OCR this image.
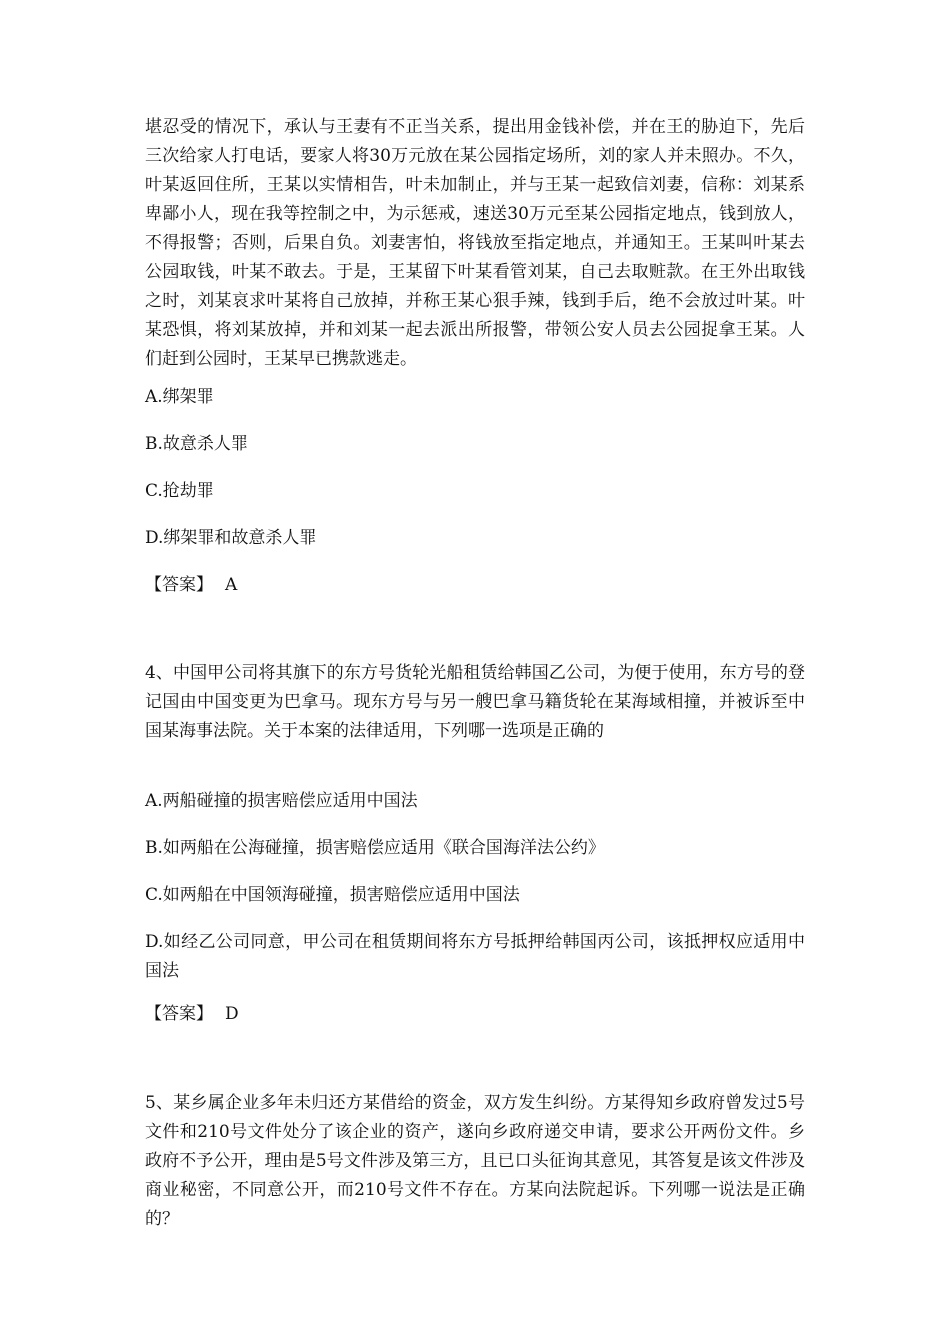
堪忍受的情况下，承认与王妻有不正当关系，提出用金钱补偿，并在王的胁迫下，先后三次给家人打电话，要家人将30万元放在某公园指定场所，刘的家人并未照办。不久，叶某返回住所，王某以实情相告，叶未加制止，并与王某一起致信刘妻，信称：刘某系卑鄙小人，现在我等控制之中，为示惩戒，速送30万元至某公园指定地点，钱到放人，不得报警；否则，后果自负。刘妻害怕，将钱放至指定地点，并通知王。王某叫叶某去公园取钱，叶某不敢去。于是，王某留下叶某看管刘某，自己去取赃款。在王外出取钱之时，刘某哀求叶某将自己放掉，并称王某心狠手辣，钱到手后，绝不会放过叶某。叶某恐惧，将刘某放掉，并和刘某一起去派出所报警，带领公安人员去公园捉拿王某。人们赶到公园时，王某早已携款逃走。

A.绑架罪

B.故意杀人罪

C.抢劫罪

D.绑架罪和故意杀人罪

【答案】 A

4、中国甲公司将其旗下的东方号货轮光船租赁给韩国乙公司，为便于使用，东方号的登记国由中国变更为巴拿马。现东方号与另一艘巴拿马籍货轮在某海域相撞，并被诉至中国某海事法院。关于本案的法律适用，下列哪一选项是正确的

A.两船碰撞的损害赔偿应适用中国法

B.如两船在公海碰撞，损害赔偿应适用《联合国海洋法公约》

C.如两船在中国领海碰撞，损害赔偿应适用中国法

D.如经乙公司同意，甲公司在租赁期间将东方号抵押给韩国丙公司，该抵押权应适用中国法

【答案】 D

5、某乡属企业多年未归还方某借给的资金，双方发生纠纷。方某得知乡政府曾发过5号文件和210号文件处分了该企业的资产，遂向乡政府递交申请，要求公开两份文件。乡政府不予公开，理由是5号文件涉及第三方，且已口头征询其意见，其答复是该文件涉及商业秘密，不同意公开，而210号文件不存在。方某向法院起诉。下列哪一说法是正确的？
